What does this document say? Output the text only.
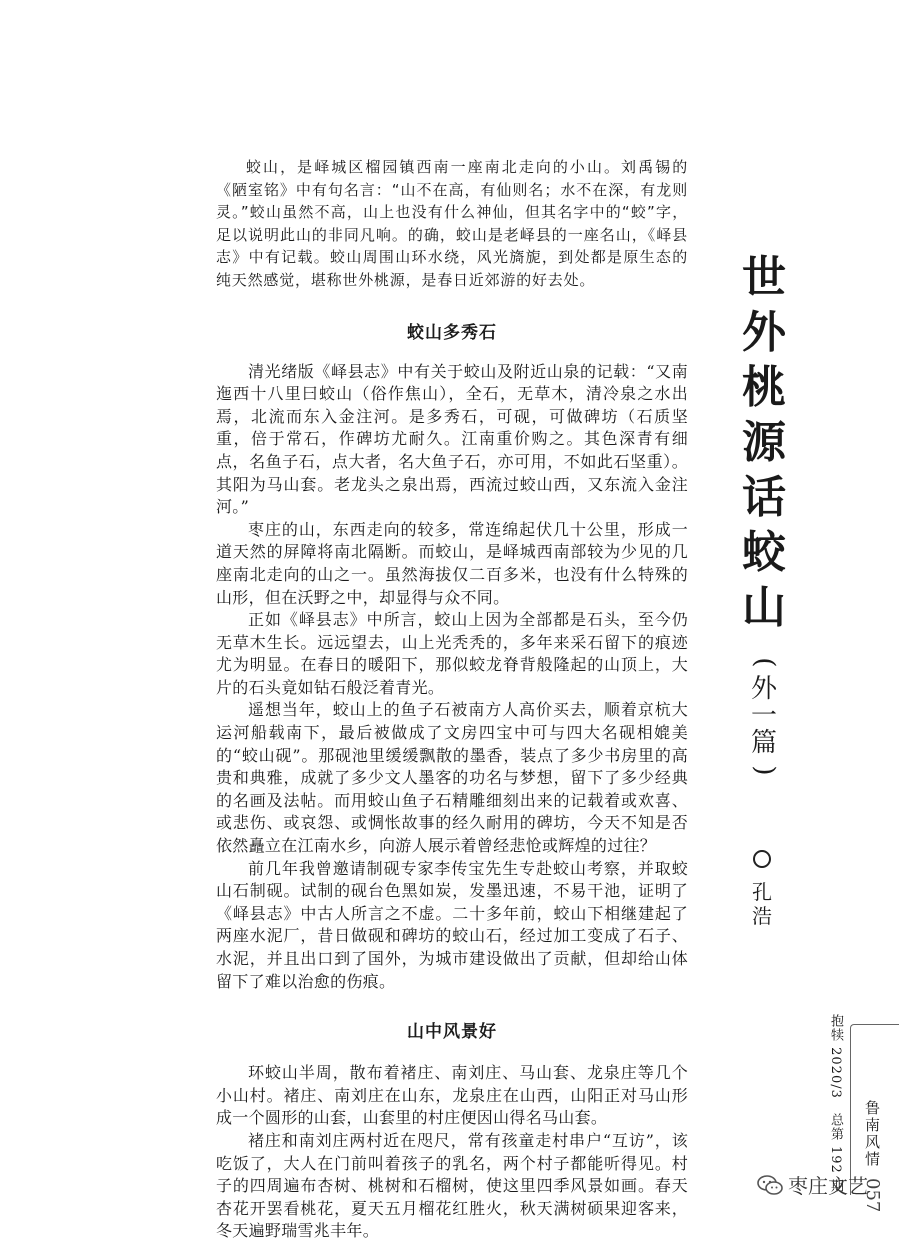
蛟山，是峄城区榴园镇西南一座南北走向的小山。刘禹锡的《陋室铭》中有句名言：“山不在高，有仙则名；水不在深，有龙则灵。”蛟山虽然不高，山上也没有什么神仙，但其名字中的“蛟”字，足以说明此山的非同凡响。的确，蛟山是老峄县的一座名山，《峄县志》中有记载。蛟山周围山环水绕，风光旖旎，到处都是原生态的纯天然感觉，堪称世外桃源，是春日近郊游的好去处。

蛟山多秀石

清光绪版《峄县志》中有关于蛟山及附近山泉的记载：“又南迤西十八里曰蛟山（俗作焦山），全石，无草木，清冷泉之水出焉，北流而东入金注河。是多秀石，可砚，可做碑坊（石质坚重，倍于常石，作碑坊尤耐久。江南重价购之。其色深青有细点，名鱼子石，点大者，名大鱼子石，亦可用，不如此石坚重）。其阳为马山套。老龙头之泉出焉，西流过蛟山西，又东流入金注河。”

枣庄的山，东西走向的较多，常连绵起伏几十公里，形成一道天然的屏障将南北隔断。而蛟山，是峄城西南部较为少见的几座南北走向的山之一。虽然海拔仅二百多米，也没有什么特殊的山形，但在沃野之中，却显得与众不同。

正如《峄县志》中所言，蛟山上因为全部都是石头，至今仍无草木生长。远远望去，山上光秃秃的，多年来采石留下的痕迹尤为明显。在春日的暖阳下，那似蛟龙脊背般隆起的山顶上，大片的石头竟如钻石般泛着青光。

遥想当年，蛟山上的鱼子石被南方人高价买去，顺着京杭大运河船载南下，最后被做成了文房四宝中可与四大名砚相媲美的“蛟山砚”。那砚池里缓缓飘散的墨香，装点了多少书房里的高贵和典雅，成就了多少文人墨客的功名与梦想，留下了多少经典的名画及法帖。而用蛟山鱼子石精雕细刻出来的记载着或欢喜、或悲伤、或哀怨、或惆怅故事的经久耐用的碑坊，今天不知是否依然矗立在江南水乡，向游人展示着曾经悲怆或辉煌的过往？

前几年我曾邀请制砚专家李传宝先生专赴蛟山考察，并取蛟山石制砚。试制的砚台色黑如炭，发墨迅速，不易干池，证明了《峄县志》中古人所言之不虚。二十多年前，蛟山下相继建起了两座水泥厂，昔日做砚和碑坊的蛟山石，经过加工变成了石子、水泥，并且出口到了国外，为城市建设做出了贡献，但却给山体留下了难以治愈的伤痕。

山中风景好

环蛟山半周，散布着褚庄、南刘庄、马山套、龙泉庄等几个小山村。褚庄、南刘庄在山东，龙泉庄在山西，山阳正对马山形成一个圆形的山套，山套里的村庄便因山得名马山套。

褚庄和南刘庄两村近在咫尺，常有孩童走村串户“互访”，该吃饭了，大人在门前叫着孩子的乳名，两个村子都能听得见。村子的四周遍布杏树、桃树和石榴树，使这里四季风景如画。春天杏花开罢看桃花，夏天五月榴花红胜火，秋天满树硕果迎客来，冬天遍野瑞雪兆丰年。

世
外
桃
源
话
蛟
山
(
外
一
篇
)
孔
浩
抱犊 2020/3　总第 192 期 鲁南风情
057
枣庄文艺
